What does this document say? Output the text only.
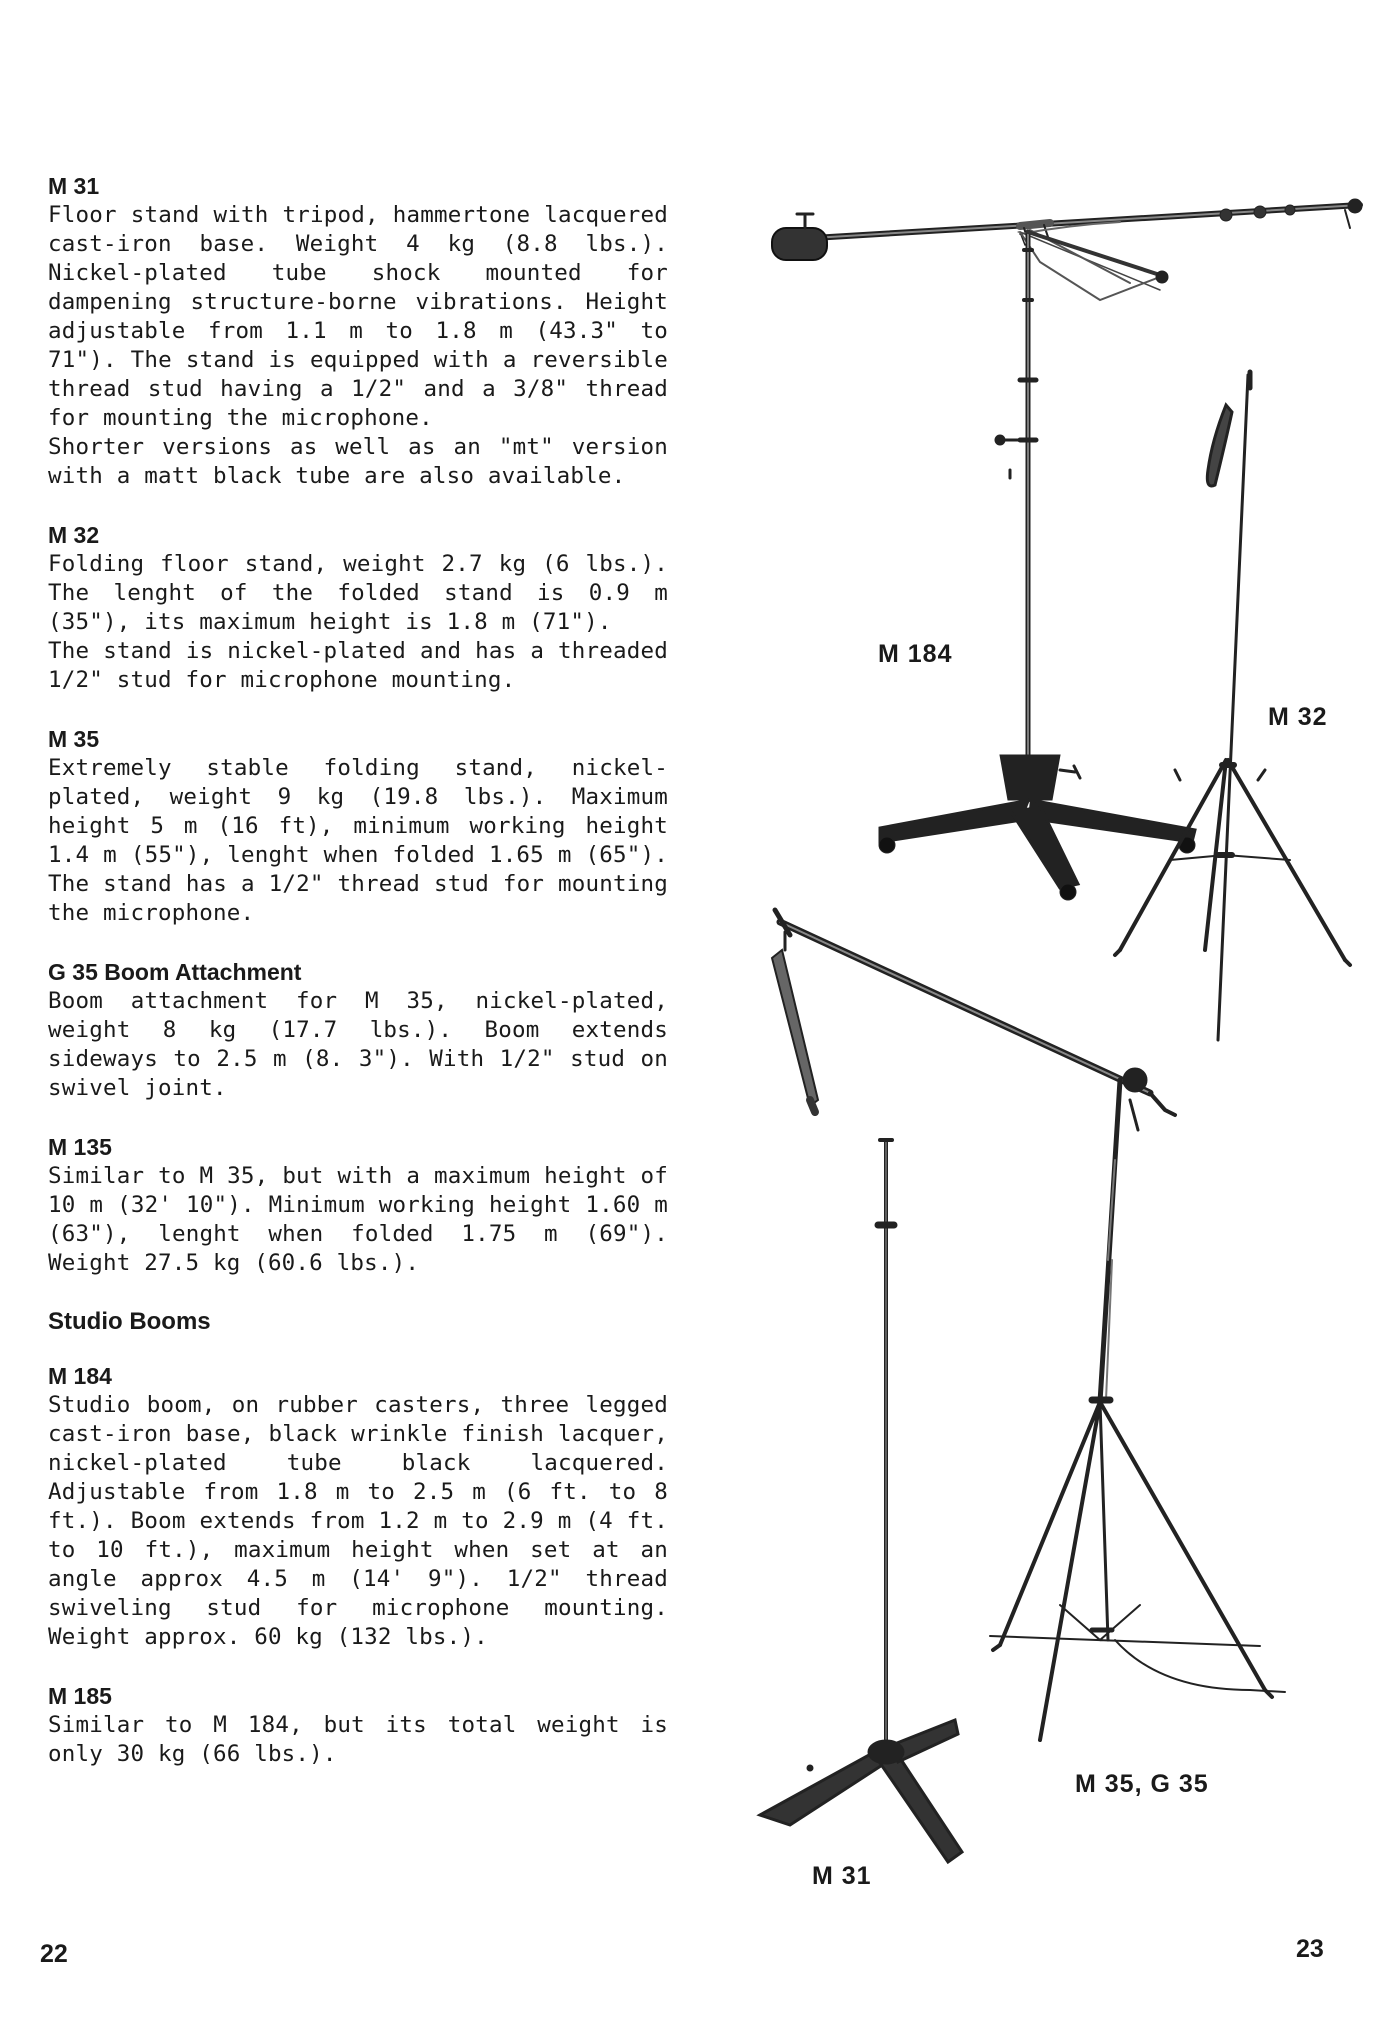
M 31

Floor stand with tripod, hammertone lacquered cast-iron base. Weight 4 kg (8.8 lbs.). Nickel-plated tube shock mounted for dampening structure-borne vibrations. Height adjustable from 1.1 m to 1.8 m (43.3" to 71"). The stand is equipped with a reversible thread stud having a 1/2" and a 3/8" thread for mounting the microphone.

Shorter versions as well as an "mt" version with a matt black tube are also available.

M 32

Folding floor stand, weight 2.7 kg (6 lbs.). The lenght of the folded stand is 0.9 m (35"), its maximum height is 1.8 m (71").

The stand is nickel-plated and has a threaded 1/2" stud for microphone mounting.

M 35

Extremely stable folding stand, nickel-plated, weight 9 kg (19.8 lbs.). Maximum height 5 m (16 ft), minimum working height 1.4 m (55"), lenght when folded 1.65 m (65"). The stand has a 1/2" thread stud for mounting the microphone.

G 35 Boom Attachment

Boom attachment for M 35, nickel-plated, weight 8 kg (17.7 lbs.). Boom extends sideways to 2.5 m (8. 3"). With 1/2" stud on swivel joint.

M 135

Similar to M 35, but with a maximum height of 10 m (32' 10"). Minimum working height 1.60 m (63"), lenght when folded 1.75 m (69"). Weight 27.5 kg (60.6 lbs.).

Studio Booms

M 184

Studio boom, on rubber casters, three legged cast-iron base, black wrinkle finish lacquer, nickel-plated tube black lacquered. Adjustable from 1.8 m to 2.5 m (6 ft. to 8 ft.). Boom extends from 1.2 m to 2.9 m (4 ft. to 10 ft.), maximum height when set at an angle approx 4.5 m (14' 9"). 1/2" thread swiveling stud for microphone mounting. Weight approx. 60 kg (132 lbs.).

M 185

Similar to M 184, but its total weight is only 30 kg (66 lbs.).

M 184
M 32
M 35, G 35
M 31
22	23
